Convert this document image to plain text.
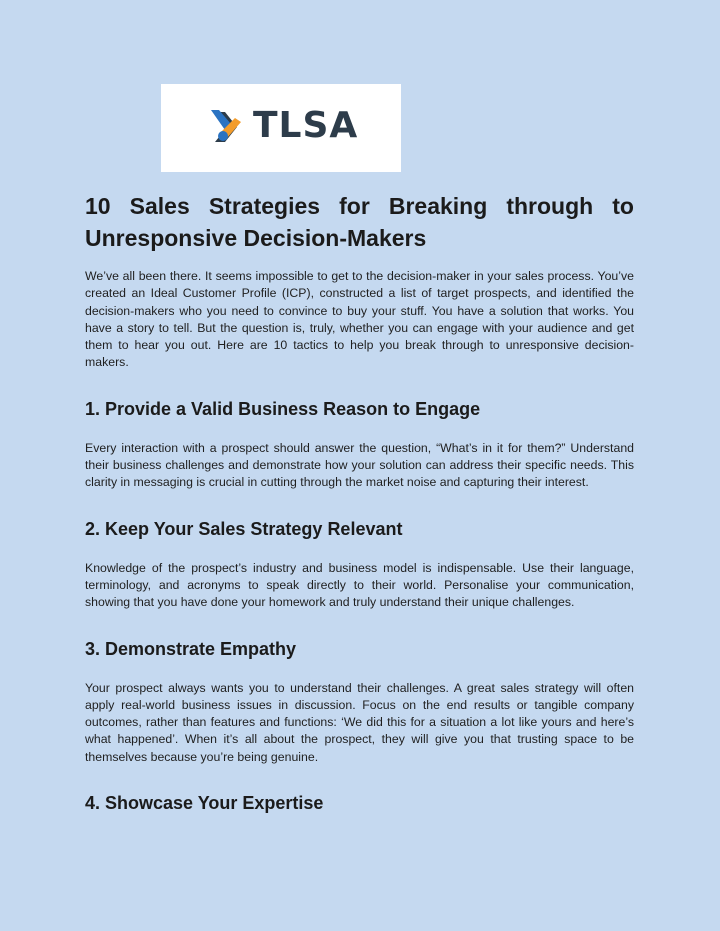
TLSA
10 Sales Strategies for Breaking through to Unresponsive Decision-Makers

We’ve all been there. It seems impossible to get to the decision-maker in your sales process. You’ve created an Ideal Customer Profile (ICP), constructed a list of target prospects, and identified the decision-makers who you need to convince to buy your stuff. You have a solution that works. You have a story to tell. But the question is, truly, whether you can engage with your audience and get them to hear you out. Here are 10 tactics to help you break through to unresponsive decision-makers.

1. Provide a Valid Business Reason to Engage

Every interaction with a prospect should answer the question, “What’s in it for them?” Understand their business challenges and demonstrate how your solution can address their specific needs. This clarity in messaging is crucial in cutting through the market noise and capturing their interest.

2. Keep Your Sales Strategy Relevant

Knowledge of the prospect’s industry and business model is indispensable. Use their language, terminology, and acronyms to speak directly to their world. Personalise your communication, showing that you have done your homework and truly understand their unique challenges.

3. Demonstrate Empathy

Your prospect always wants you to understand their challenges. A great sales strategy will often apply real-world business issues in discussion. Focus on the end results or tangible company outcomes, rather than features and functions: ‘We did this for a situation a lot like yours and here’s what happened’. When it’s all about the prospect, they will give you that trusting space to be themselves because you’re being genuine.

4. Showcase Your Expertise
